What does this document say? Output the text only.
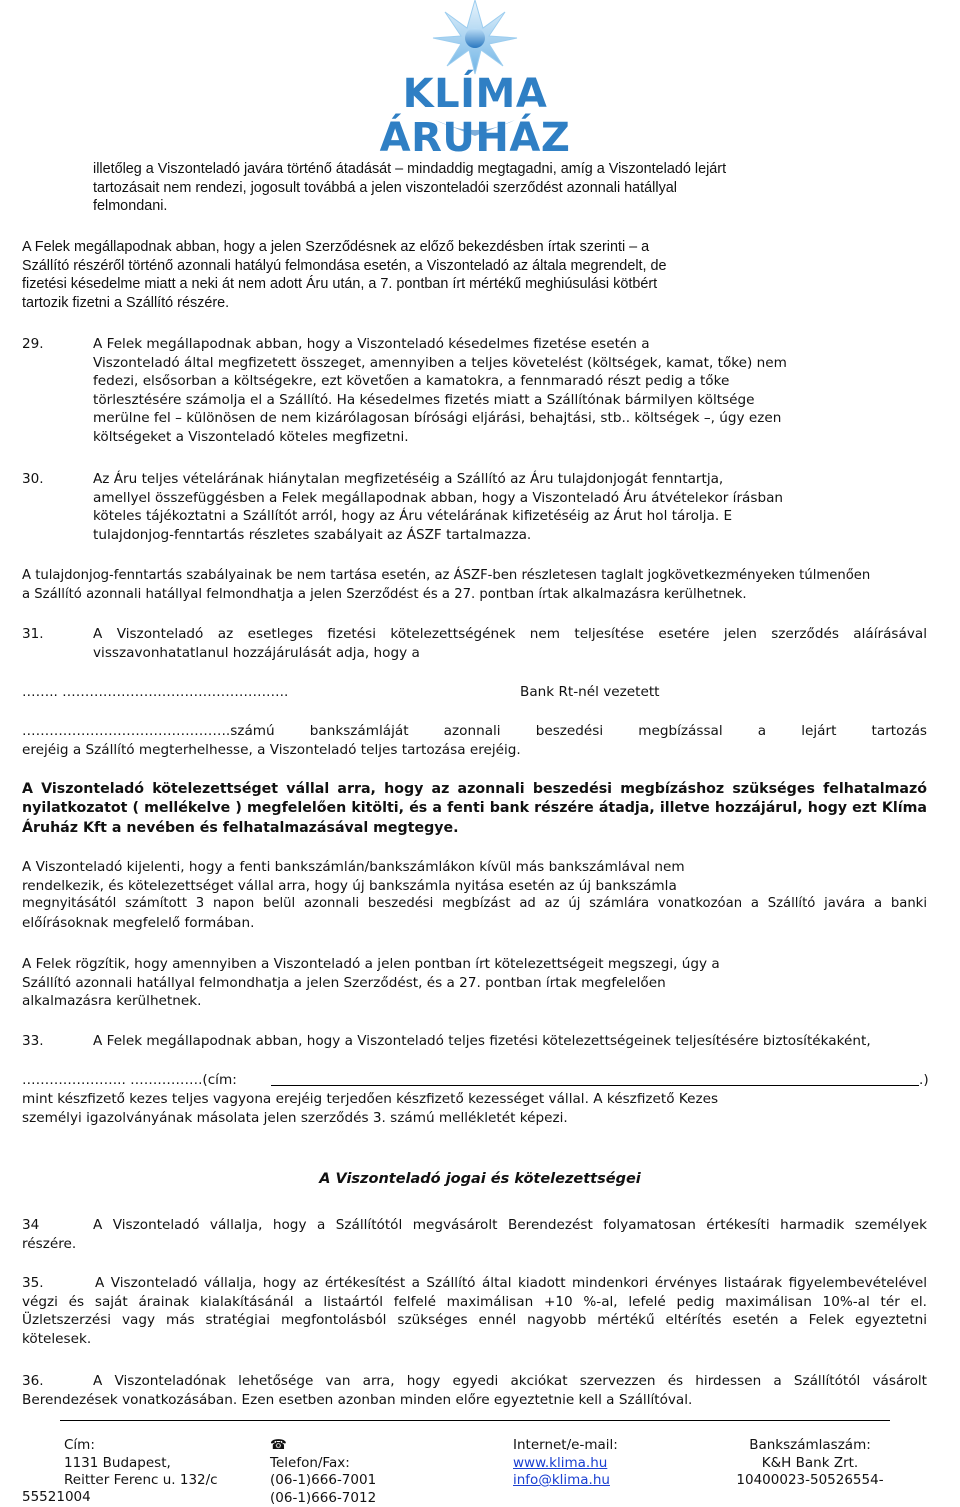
KLÍMA ÁRUHÁZ
illetőleg a Viszonteladó javára történő átadását – mindaddig megtagadni, amíg a Viszonteladó lejárt
tartozásait nem rendezi, jogosult továbbá a jelen viszonteladói szerződést azonnali hatállyal
felmondani.
A Felek megállapodnak abban, hogy a jelen Szerződésnek az előző bekezdésben írtak szerinti – a
Szállító részéről történő azonnali hatályú felmondása esetén, a Viszonteladó az általa megrendelt, de
fizetési késedelme miatt a neki át nem adott Áru után, a 7. pontban írt mértékű meghiúsulási kötbért
tartozik fizetni a Szállító részére.
29.	A Felek megállapodnak abban, hogy a Viszonteladó késedelmes fizetése esetén a
Viszonteladó által megfizetett összeget, amennyiben a teljes követelést (költségek, kamat, tőke) nem
fedezi, elsősorban a költségekre, ezt követően a kamatokra, a fennmaradó részt pedig a tőke
törlesztésére számolja el a Szállító. Ha késedelmes fizetés miatt a Szállítónak bármilyen költsége
merülne fel – különösen de nem kizárólagosan bírósági eljárási, behajtási, stb.. költségek –, úgy ezen
költségeket a Viszonteladó köteles megfizetni.
30.	Az Áru teljes vételárának hiánytalan megfizetéséig a Szállító az Áru tulajdonjogát fenntartja,
amellyel összefüggésben a Felek megállapodnak abban, hogy a Viszonteladó Áru átvételekor írásban
köteles tájékoztatni a Szállítót arról, hogy az Áru vételárának kifizetéséig az Árut hol tárolja. E
tulajdonjog-fenntartás részletes szabályait az ÁSZF tartalmazza.
A tulajdonjog-fenntartás szabályainak be nem tartása esetén, az ÁSZF-ben részletesen taglalt jogkövetkezményeken túlmenően
a Szállító azonnali hatállyal felmondhatja a jelen Szerződést és a 27. pontban írtak alkalmazásra kerülhetnek.
31.	A Viszonteladó az esetleges fizetési kötelezettségének nem teljesítése esetére jelen szerződés aláírásával
visszavonhatatlanul hozzájárulását adja, hogy a
…….. …………………………………………..	Bank Rt-nél vezetett
……………………………………….számú bankszámláját azonnali beszedési megbízással a lejárt tartozás
erejéig a Szállító megterhelhesse, a Viszonteladó teljes tartozása erejéig.
A Viszonteladó kötelezettséget vállal arra, hogy az azonnali beszedési megbízáshoz szükséges felhatalmazó
nyilatkozatot ( mellékelve ) megfelelően kitölti, és a fenti bank részére átadja, illetve hozzájárul, hogy ezt Klíma
Áruház Kft a nevében és felhatalmazásával megtegye.
A Viszonteladó kijelenti, hogy a fenti bankszámlán/bankszámlákon kívül más bankszámlával nem
rendelkezik, és kötelezettséget vállal arra, hogy új bankszámla nyitása esetén az új bankszámla
megnyitásától számított 3 napon belül azonnali beszedési megbízást ad az új számlára vonatkozóan a Szállító javára a banki
előírásoknak megfelelő formában.
A Felek rögzítik, hogy amennyiben a Viszonteladó a jelen pontban írt kötelezettségeit megszegi, úgy a
Szállító azonnali hatállyal felmondhatja a jelen Szerződést, és a 27. pontban írtak megfelelően
alkalmazásra kerülhetnek.
33.	A Felek megállapodnak abban, hogy a Viszonteladó teljes fizetési kötelezettségeinek teljesítésére biztosítékaként,
………………….. …………….(cím:	.)
mint készfizető kezes teljes vagyona erejéig terjedően készfizető kezességet vállal. A készfizető Kezes
személyi igazolványának másolata jelen szerződés 3. számú mellékletét képezi.
A Viszonteladó jogai és kötelezettségei
34	A Viszonteladó vállalja, hogy a Szállítótól megvásárolt Berendezést folyamatosan értékesíti harmadik személyek
részére.
35.	A Viszonteladó vállalja, hogy az értékesítést a Szállító által kiadott mindenkori érvényes listaárak figyelembevételével
végzi és saját árainak kialakításánál a listaártól felfelé maximálisan +10 %-al, lefelé pedig maximálisan 10%-al tér el.
Üzletszerzési vagy más stratégiai megfontolásból szükséges ennél nagyobb mértékű eltérítés esetén a Felek egyeztetni
kötelesek.
36.	A Viszonteladónak lehetősége van arra, hogy egyedi akciókat szervezzen és hirdessen a Szállítótól vásárolt
Berendezések vonatkozásában. Ezen esetben azonban minden előre egyeztetnie kell a Szállítóval.
Cím:
1131 Budapest,
Reitter Ferenc u. 132/c
55521004
☎
Telefon/Fax:
(06-1)666-7001
(06-1)666-7012
Internet/e-mail:
www.klima.hu
info@klima.hu
Bankszámlaszám:
K&H Bank Zrt.
10400023-50526554-
